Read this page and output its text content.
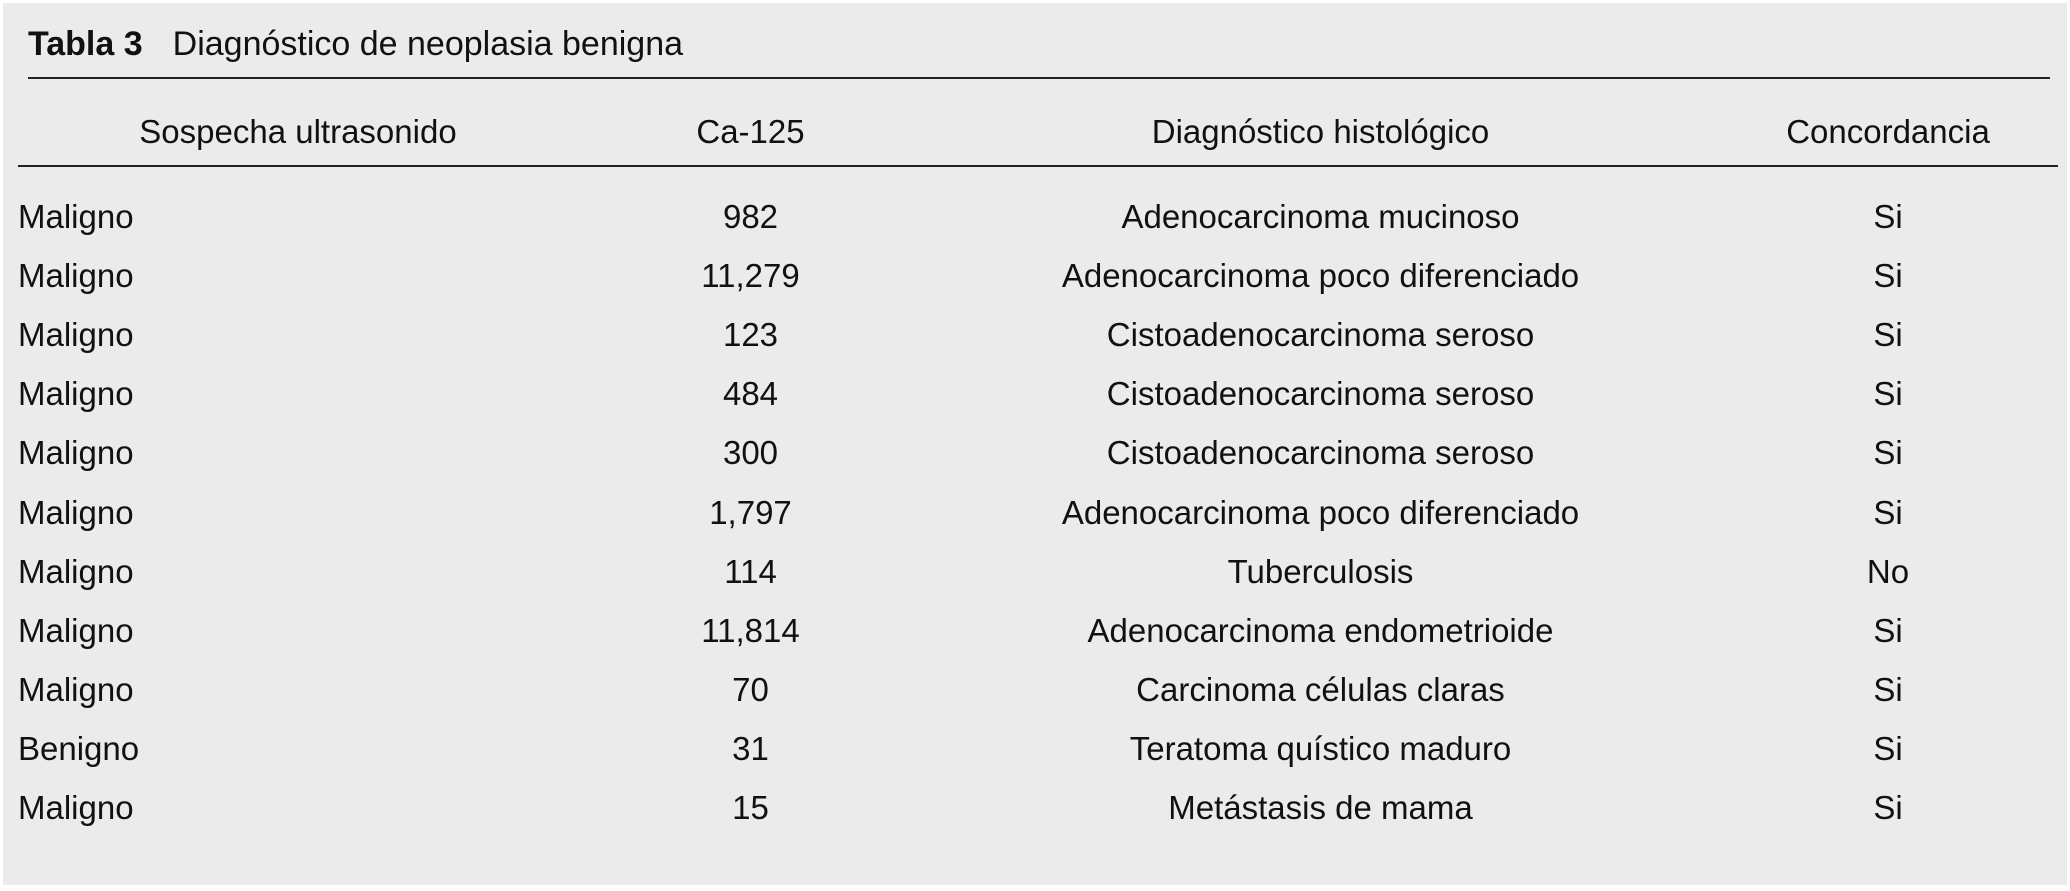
Tabla 3 Diagnóstico de neoplasia benigna
Sospecha ultrasonido	Ca-125	Diagnóstico histológico	Concordancia

Maligno	982	Adenocarcinoma mucinoso	Si
Maligno	11,279	Adenocarcinoma poco diferenciado	Si
Maligno	123	Cistoadenocarcinoma seroso	Si
Maligno	484	Cistoadenocarcinoma seroso	Si
Maligno	300	Cistoadenocarcinoma seroso	Si
Maligno	1,797	Adenocarcinoma poco diferenciado	Si
Maligno	114	Tuberculosis	No
Maligno	11,814	Adenocarcinoma endometrioide	Si
Maligno	70	Carcinoma células claras	Si
Benigno	31	Teratoma quístico maduro	Si
Maligno	15	Metástasis de mama	Si
